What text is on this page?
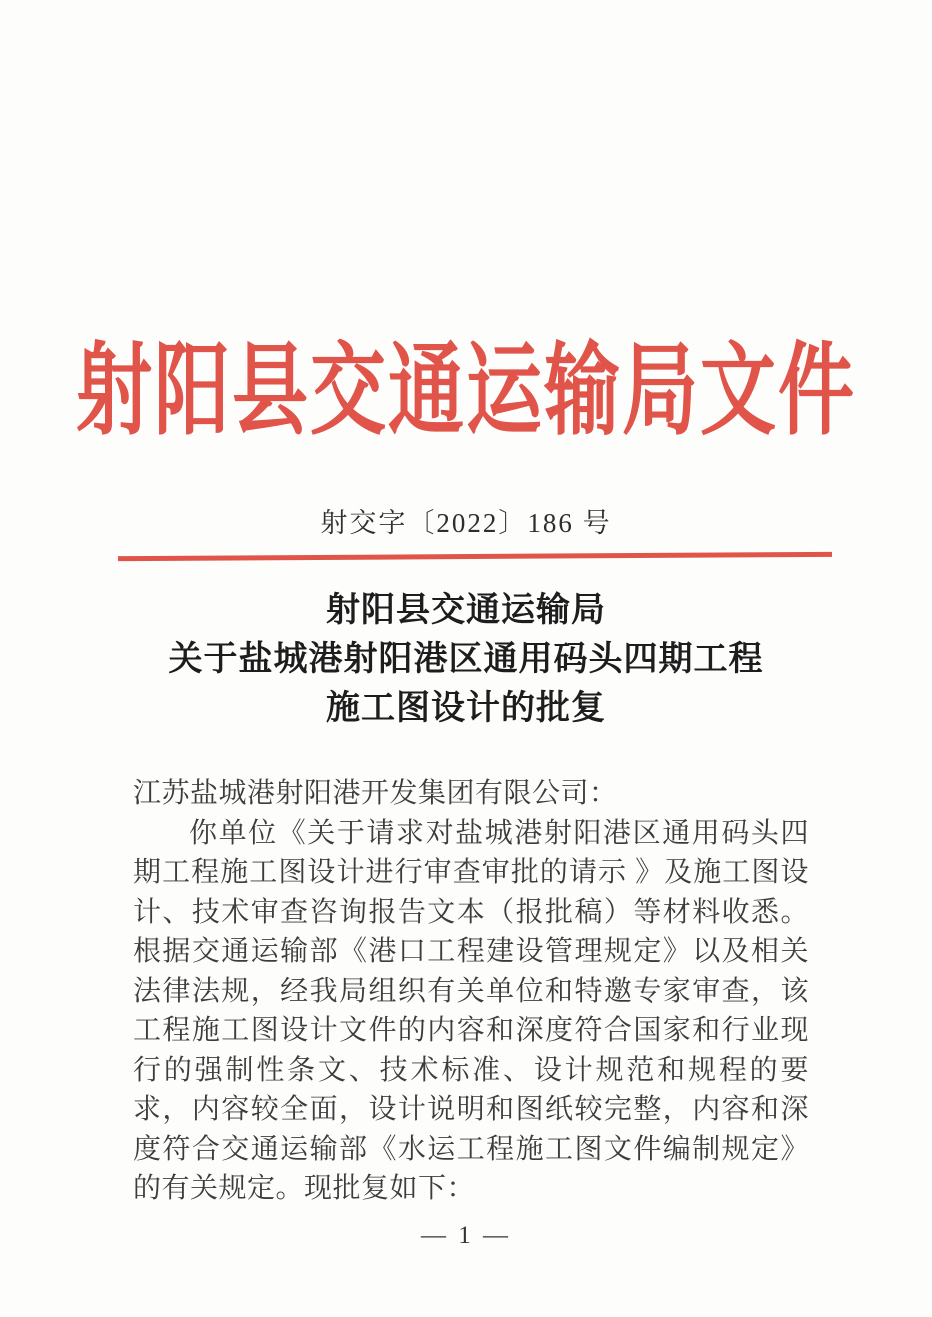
射阳县交通运输局文件
射交字〔2022〕186 号
射阳县交通运输局
关于盐城港射阳港区通用码头四期工程
施工图设计的批复

江苏盐城港射阳港开发集团有限公司：

你单位《关于请求对盐城港射阳港区通用码头四期工程施工图设计进行审查审批的请示 》及施工图设计、技术审查咨询报告文本（报批稿）等材料收悉。根据交通运输部《港口工程建设管理规定》以及相关法律法规，经我局组织有关单位和特邀专家审查，该工程施工图设计文件的内容和深度符合国家和行业现行的强制性条文、技术标准、设计规范和规程的要求，内容较全面，设计说明和图纸较完整，内容和深度符合交通运输部《水运工程施工图文件编制规定》的有关规定。现批复如下：

— 1 —
